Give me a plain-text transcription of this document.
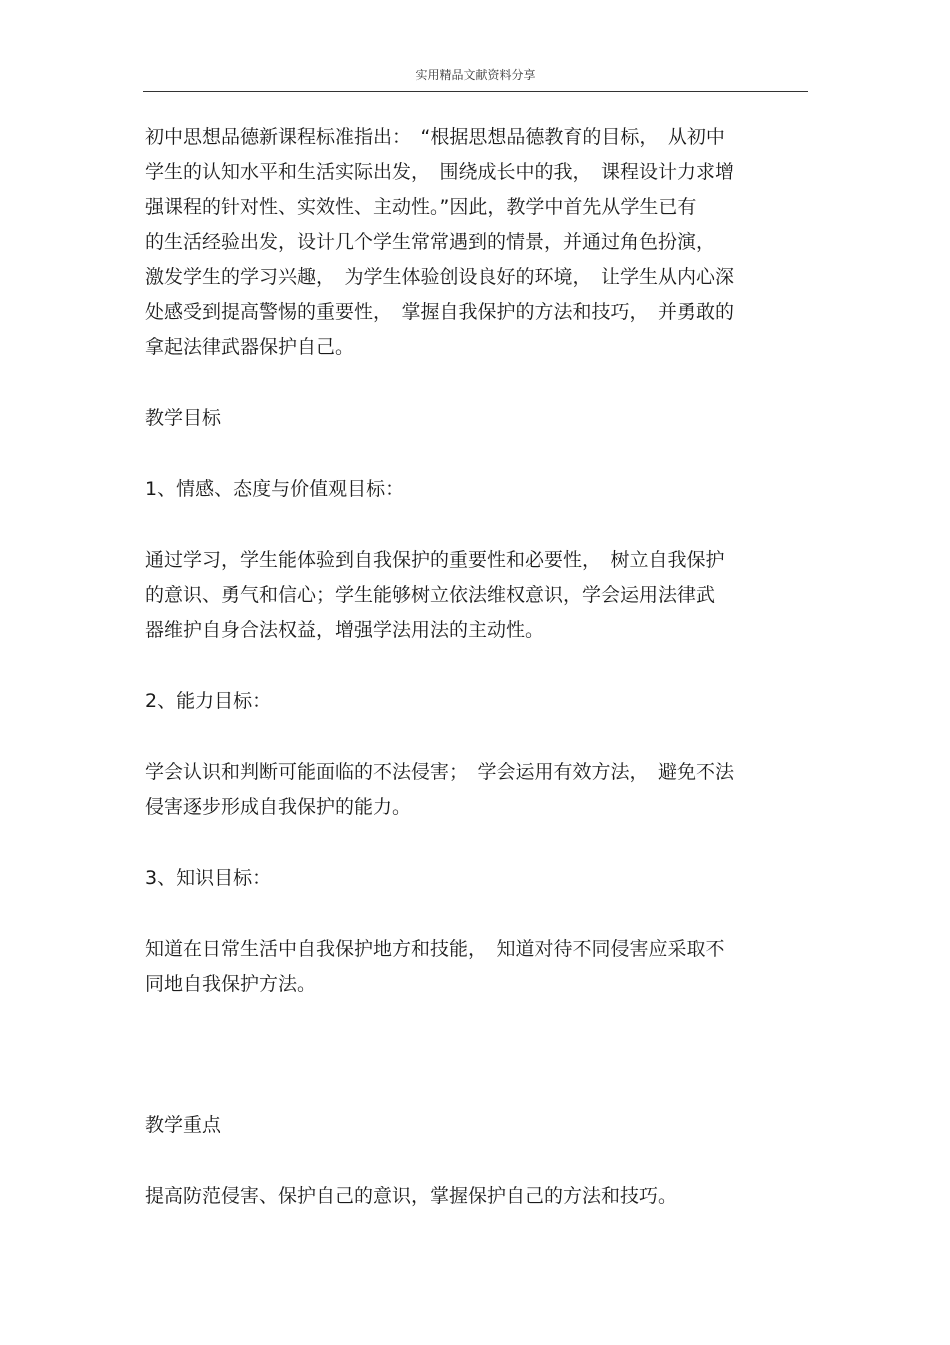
实用精品文献资料分享
初中思想品德新课程标准指出：　“根据思想品德教育的目标，　从初中
学生的认知水平和生活实际出发，　围绕成长中的我，　课程设计力求增
强课程的针对性、实效性、主动性。”因此，教学中首先从学生已有
的生活经验出发，设计几个学生常常遇到的情景，并通过角色扮演，
激发学生的学习兴趣，　为学生体验创设良好的环境，　让学生从内心深
处感受到提高警惕的重要性，　掌握自我保护的方法和技巧，　并勇敢的
拿起法律武器保护自己。
教学目标
1、情感、态度与价值观目标：
通过学习，学生能体验到自我保护的重要性和必要性，　树立自我保护
的意识、勇气和信心；学生能够树立依法维权意识，学会运用法律武
器维护自身合法权益，增强学法用法的主动性。
2、能力目标：
学会认识和判断可能面临的不法侵害；　学会运用有效方法，　避免不法
侵害逐步形成自我保护的能力。
3、知识目标：
知道在日常生活中自我保护地方和技能，　知道对待不同侵害应采取不
同地自我保护方法。
教学重点
提高防范侵害、保护自己的意识，掌握保护自己的方法和技巧。
